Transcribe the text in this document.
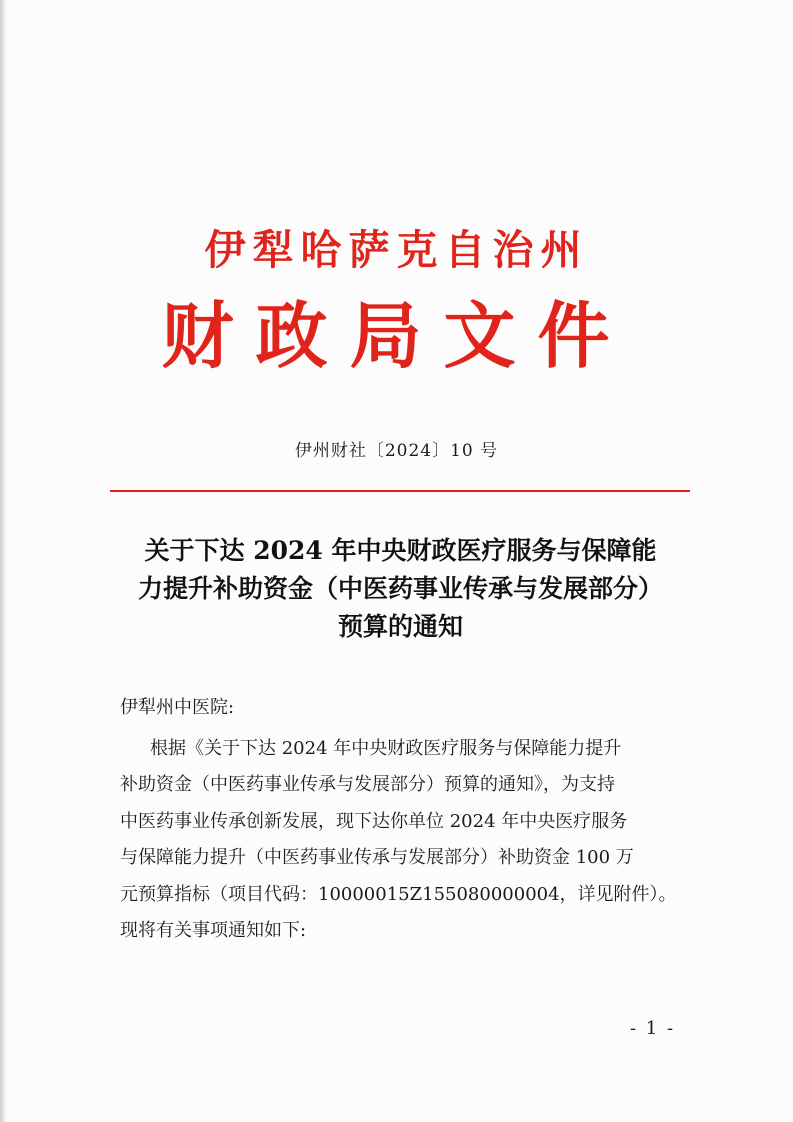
伊犁哈萨克自治州
财政局文件
伊州财社〔2024〕10 号
关于下达 2024 年中央财政医疗服务与保障能
力提升补助资金（中医药事业传承与发展部分）
预算的通知
伊犁州中医院:
根据《关于下达 2024 年中央财政医疗服务与保障能力提升
补助资金（中医药事业传承与发展部分）预算的通知》，为支持
中医药事业传承创新发展，现下达你单位 2024 年中央医疗服务
与保障能力提升（中医药事业传承与发展部分）补助资金 100 万
元预算指标（项目代码：10000015Z155080000004，详见附件）。
现将有关事项通知如下:
- 1 -
